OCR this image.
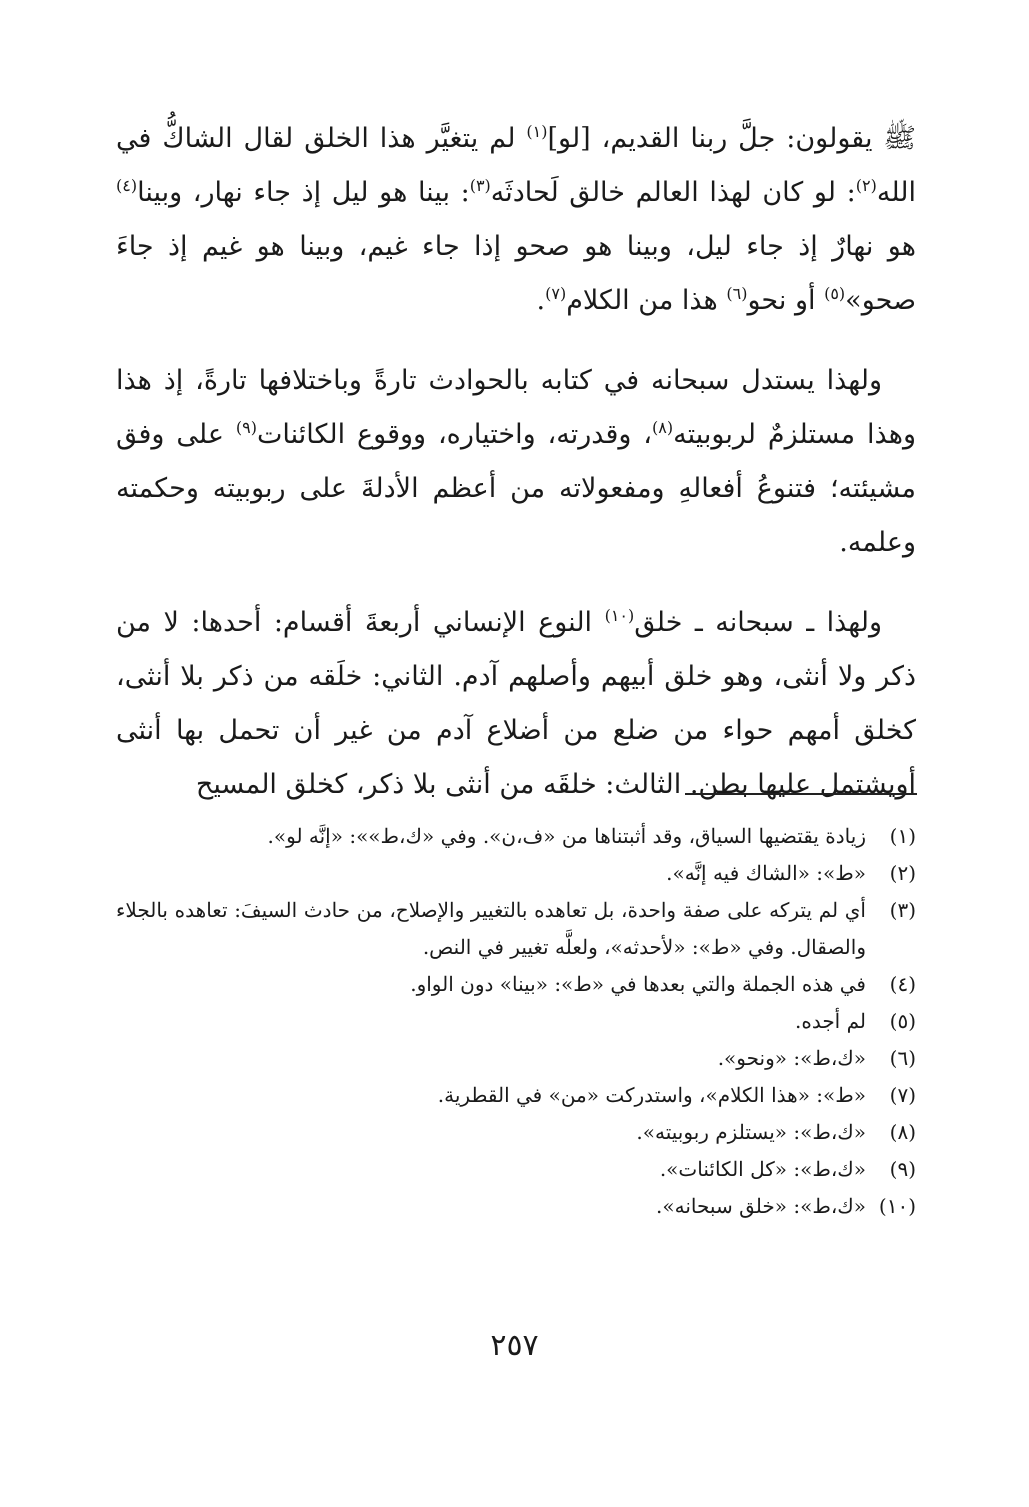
ﷺ يقولون: جلَّ ربنا القديم، [لو]$^{(١)}$ لم يتغيَّر هذا الخلق لقال الشاكُّ في الله$^{(٢)}$: لو كان لهذا العالم خالق لَحادثَه$^{(٣)}$: بينا هو ليل إذ جاء نهار، وبينا$^{(٤)}$ هو نهارٌ إذ جاء ليل، وبينا هو صحو إذا جاء غيم، وبينا هو غيم إذ جاءَ صحو»$^{(٥)}$ أو نحو$^{(٦)}$ هذا من الكلام$^{(٧)}$.

ولهذا يستدل سبحانه في كتابه بالحوادث تارةً وباختلافها تارةً، إذ هذا وهذا مستلزمٌ لربوبيته$^{(٨)}$، وقدرته، واختياره، ووقوع الكائنات$^{(٩)}$ على وفق مشيئته؛ فتنوعُ أفعالهِ ومفعولاته من أعظم الأدلةَ على ربوبيته وحكمته وعلمه.

ولهذا ـ سبحانه ـ خلق$^{(١٠)}$ النوع الإنساني أربعةَ أقسام: أحدها: لا من ذكر ولا أنثى، وهو خلق أبيهم وأصلهم آدم. الثاني: خلَقه من ذكر بلا أنثى، كخلق أمهم حواء من ضلع من أضلاع آدم من غير أن تحمل بها أنثى أويشتمل عليها بطن. الثالث: خلقَه من أنثى بلا ذكر، كخلق المسيح

(١)
زيادة يقتضيها السياق، وقد أثبتناها من «ف،ن». وفي «ك،ط»»: «إنَّه لو».
(٢)
«ط»: «الشاك فيه إنَّه».
(٣)
أي لم يتركه على صفة واحدة، بل تعاهده بالتغيير والإصلاح، من حادث السيفَ: تعاهده بالجلاء والصقال. وفي «ط»: «لأحدثه»، ولعلَّه تغيير في النص.
(٤)
في هذه الجملة والتي بعدها في «ط»: «بينا» دون الواو.
(٥)
لم أجده.
(٦)
«ك،ط»: «ونحو».
(٧)
«ط»: «هذا الكلام»، واستدركت «من» في القطرية.
(٨)
«ك،ط»: «يستلزم ربوبيته».
(٩)
«ك،ط»: «كل الكائنات».
(١٠)
«ك،ط»: «خلق سبحانه».
٢٥٧
